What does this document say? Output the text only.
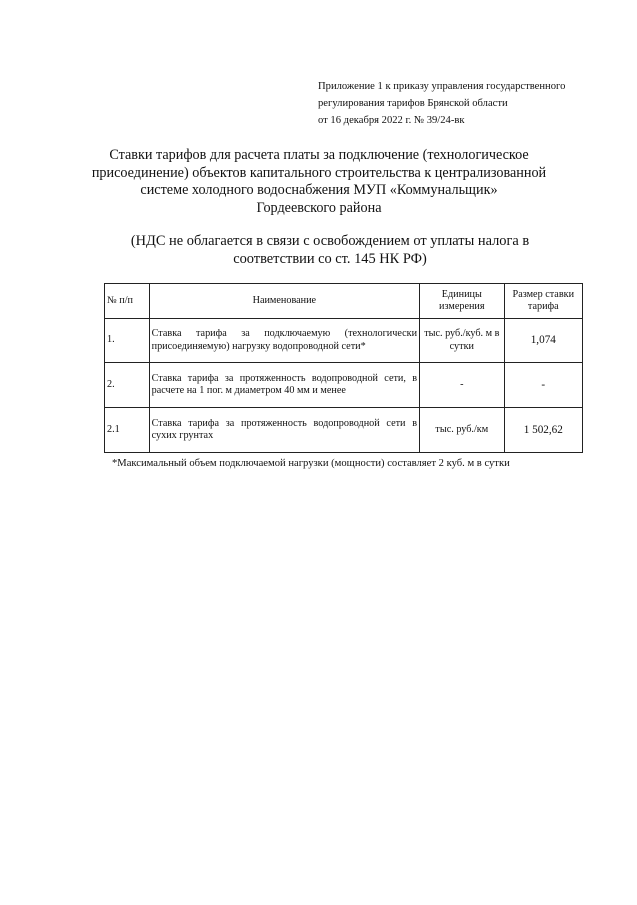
Приложение 1 к приказу управления государственного
регулирования тарифов Брянской области
от 16 декабря 2022 г. № 39/24-вк
Ставки тарифов для расчета платы за подключение (технологическое
присоединение) объектов капитального строительства к централизованной
системе холодного водоснабжения МУП «Коммунальщик»
Гордеевского района
(НДС не облагается в связи с освобождением от уплаты налога в
соответствии со ст. 145 НК РФ)
№ п/п	Наименование	Единицы измерения	Размер ставки тарифа
1.	Ставка тарифа за подключаемую (технологически присоединяемую) нагрузку водопроводной сети*	тыс. руб./куб. м в сутки	1,074
2.	Ставка тарифа за протяженность водопроводной сети, в расчете на 1 пог. м диаметром 40 мм и менее	-	-
2.1	Ставка тарифа за протяженность водопроводной сети в сухих грунтах	тыс. руб./км	1 502,62
*Максимальный объем подключаемой нагрузки (мощности) составляет 2 куб. м в сутки
